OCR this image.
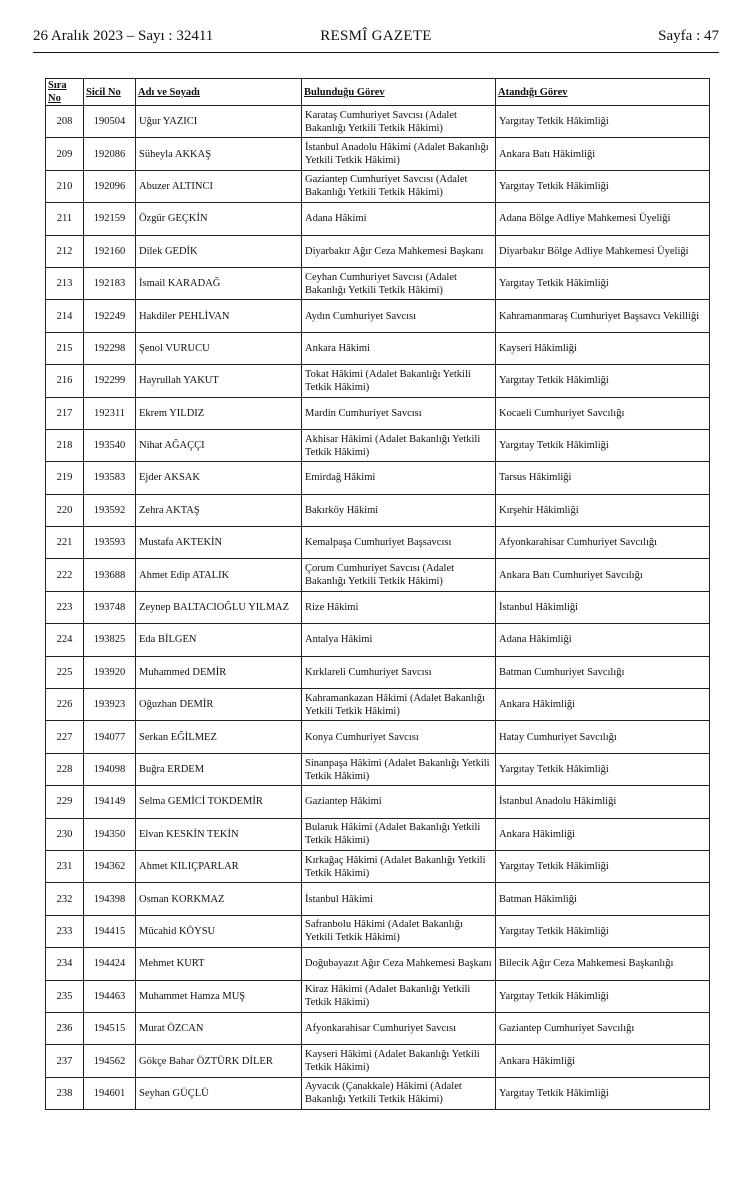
26 Aralık 2023 – Sayı : 32411	RESMÎ GAZETE	Sayfa : 47
Sıra No	Sicil No	Adı ve Soyadı	Bulunduğu Görev	Atandığı Görev
208	190504	Uğur YAZICI	Karataş Cumhuriyet Savcısı (Adalet Bakanlığı Yetkili Tetkik Hâkimi)	Yargıtay Tetkik Hâkimliği
209	192086	Süheyla AKKAŞ	İstanbul Anadolu Hâkimi (Adalet Bakanlığı Yetkili Tetkik Hâkimi)	Ankara Batı Hâkimliği
210	192096	Abuzer ALTINCI	Gaziantep Cumhuriyet Savcısı (Adalet Bakanlığı Yetkili Tetkik Hâkimi)	Yargıtay Tetkik Hâkimliği
211	192159	Özgür GEÇKİN	Adana Hâkimi	Adana Bölge Adliye Mahkemesi Üyeliği
212	192160	Dilek GEDİK	Diyarbakır Ağır Ceza Mahkemesi Başkanı	Diyarbakır Bölge Adliye Mahkemesi Üyeliği
213	192183	İsmail KARADAĞ	Ceyhan Cumhuriyet Savcısı (Adalet Bakanlığı Yetkili Tetkik Hâkimi)	Yargıtay Tetkik Hâkimliği
214	192249	Hakdiler PEHLİVAN	Aydın Cumhuriyet Savcısı	Kahramanmaraş Cumhuriyet Başsavcı Vekilliği
215	192298	Şenol VURUCU	Ankara Hâkimi	Kayseri Hâkimliği
216	192299	Hayrullah YAKUT	Tokat Hâkimi (Adalet Bakanlığı Yetkili Tetkik Hâkimi)	Yargıtay Tetkik Hâkimliği
217	192311	Ekrem YILDIZ	Mardin Cumhuriyet Savcısı	Kocaeli Cumhuriyet Savcılığı
218	193540	Nihat AĞAÇÇI	Akhisar Hâkimi (Adalet Bakanlığı Yetkili Tetkik Hâkimi)	Yargıtay Tetkik Hâkimliği
219	193583	Ejder AKSAK	Emirdağ Hâkimi	Tarsus Hâkimliği
220	193592	Zehra AKTAŞ	Bakırköy Hâkimi	Kırşehir Hâkimliği
221	193593	Mustafa AKTEKİN	Kemalpaşa Cumhuriyet Başsavcısı	Afyonkarahisar Cumhuriyet Savcılığı
222	193688	Ahmet Edip ATALIK	Çorum Cumhuriyet Savcısı (Adalet Bakanlığı Yetkili Tetkik Hâkimi)	Ankara Batı Cumhuriyet Savcılığı
223	193748	Zeynep BALTACIOĞLU YILMAZ	Rize Hâkimi	İstanbul Hâkimliği
224	193825	Eda BİLGEN	Antalya Hâkimi	Adana Hâkimliği
225	193920	Muhammed DEMİR	Kırklareli Cumhuriyet Savcısı	Batman Cumhuriyet Savcılığı
226	193923	Oğuzhan DEMİR	Kahramankazan Hâkimi (Adalet Bakanlığı Yetkili Tetkik Hâkimi)	Ankara Hâkimliği
227	194077	Serkan EĞİLMEZ	Konya Cumhuriyet Savcısı	Hatay Cumhuriyet Savcılığı
228	194098	Buğra ERDEM	Sinanpaşa Hâkimi (Adalet Bakanlığı Yetkili Tetkik Hâkimi)	Yargıtay Tetkik Hâkimliği
229	194149	Selma GEMİCİ TOKDEMİR	Gaziantep Hâkimi	İstanbul Anadolu Hâkimliği
230	194350	Elvan KESKİN TEKİN	Bulanık Hâkimi (Adalet Bakanlığı Yetkili Tetkik Hâkimi)	Ankara Hâkimliği
231	194362	Ahmet KILIÇPARLAR	Kırkağaç Hâkimi (Adalet Bakanlığı Yetkili Tetkik Hâkimi)	Yargıtay Tetkik Hâkimliği
232	194398	Osman KORKMAZ	İstanbul Hâkimi	Batman Hâkimliği
233	194415	Mücahid KÖYSU	Safranbolu Hâkimi (Adalet Bakanlığı Yetkili Tetkik Hâkimi)	Yargıtay Tetkik Hâkimliği
234	194424	Mehmet KURT	Doğubayazıt Ağır Ceza Mahkemesi Başkanı	Bilecik Ağır Ceza Mahkemesi Başkanlığı
235	194463	Muhammet Hamza MUŞ	Kiraz Hâkimi (Adalet Bakanlığı Yetkili Tetkik Hâkimi)	Yargıtay Tetkik Hâkimliği
236	194515	Murat ÖZCAN	Afyonkarahisar Cumhuriyet Savcısı	Gaziantep Cumhuriyet Savcılığı
237	194562	Gökçe Bahar ÖZTÜRK DİLER	Kayseri Hâkimi (Adalet Bakanlığı Yetkili Tetkik Hâkimi)	Ankara Hâkimliği
238	194601	Seyhan GÜÇLÜ	Ayvacık (Çanakkale) Hâkimi (Adalet Bakanlığı Yetkili Tetkik Hâkimi)	Yargıtay Tetkik Hâkimliği
